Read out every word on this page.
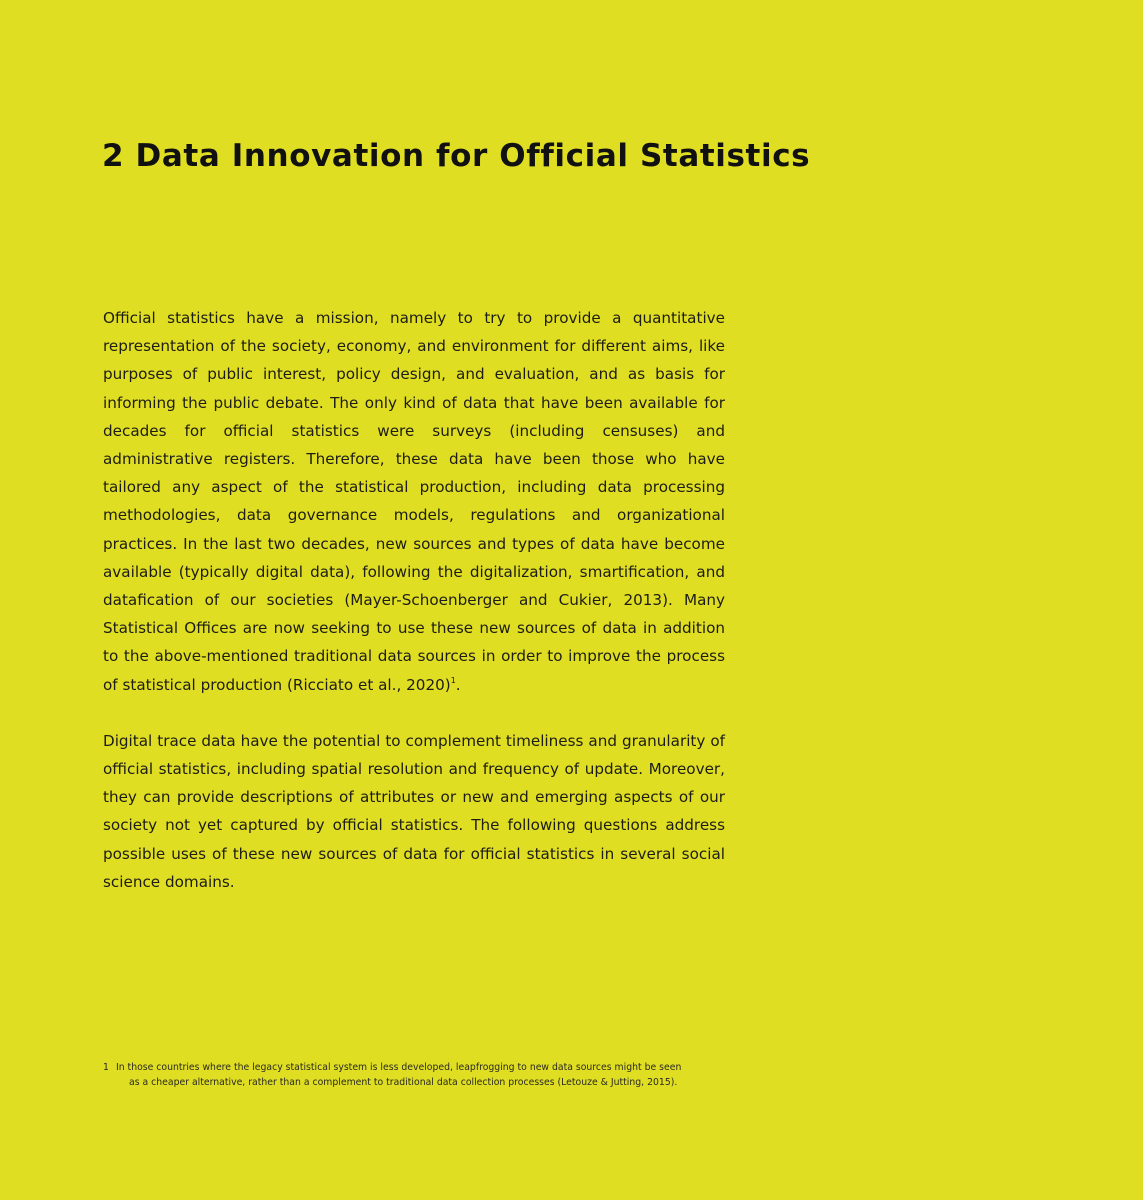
2 Data Innovation for Official Statistics

Official statistics have a mission, namely to try to provide a quantitative representation of the society, economy, and environment for different aims, like purposes of public interest, policy design, and evaluation, and as basis for informing the public debate. The only kind of data that have been available for decades for official statistics were surveys (including censuses) and administrative registers. Therefore, these data have been those who have tailored any aspect of the statistical production, including data processing methodologies, data governance models, regulations and organizational practices. In the last two decades, new sources and types of data have become available (typically digital data), following the digitalization, smartification, and datafication of our societies (Mayer-Schoenberger and Cukier, 2013). Many Statistical Offices are now seeking to use these new sources of data in addition to the above-mentioned traditional data sources in order to improve the process of statistical production (Ricciato et al., 2020)$^1$.

Digital trace data have the potential to complement timeliness and granularity of official statistics, including spatial resolution and frequency of update. Moreover, they can provide descriptions of attributes or new and emerging aspects of our society not yet captured by official statistics. The following questions address possible uses of these new sources of data for official statistics in several social science domains.

1 In those countries where the legacy statistical system is less developed, leapfrogging to new data sources might be seen
as a cheaper alternative, rather than a complement to traditional data collection processes (Letouze & Jutting, 2015).
